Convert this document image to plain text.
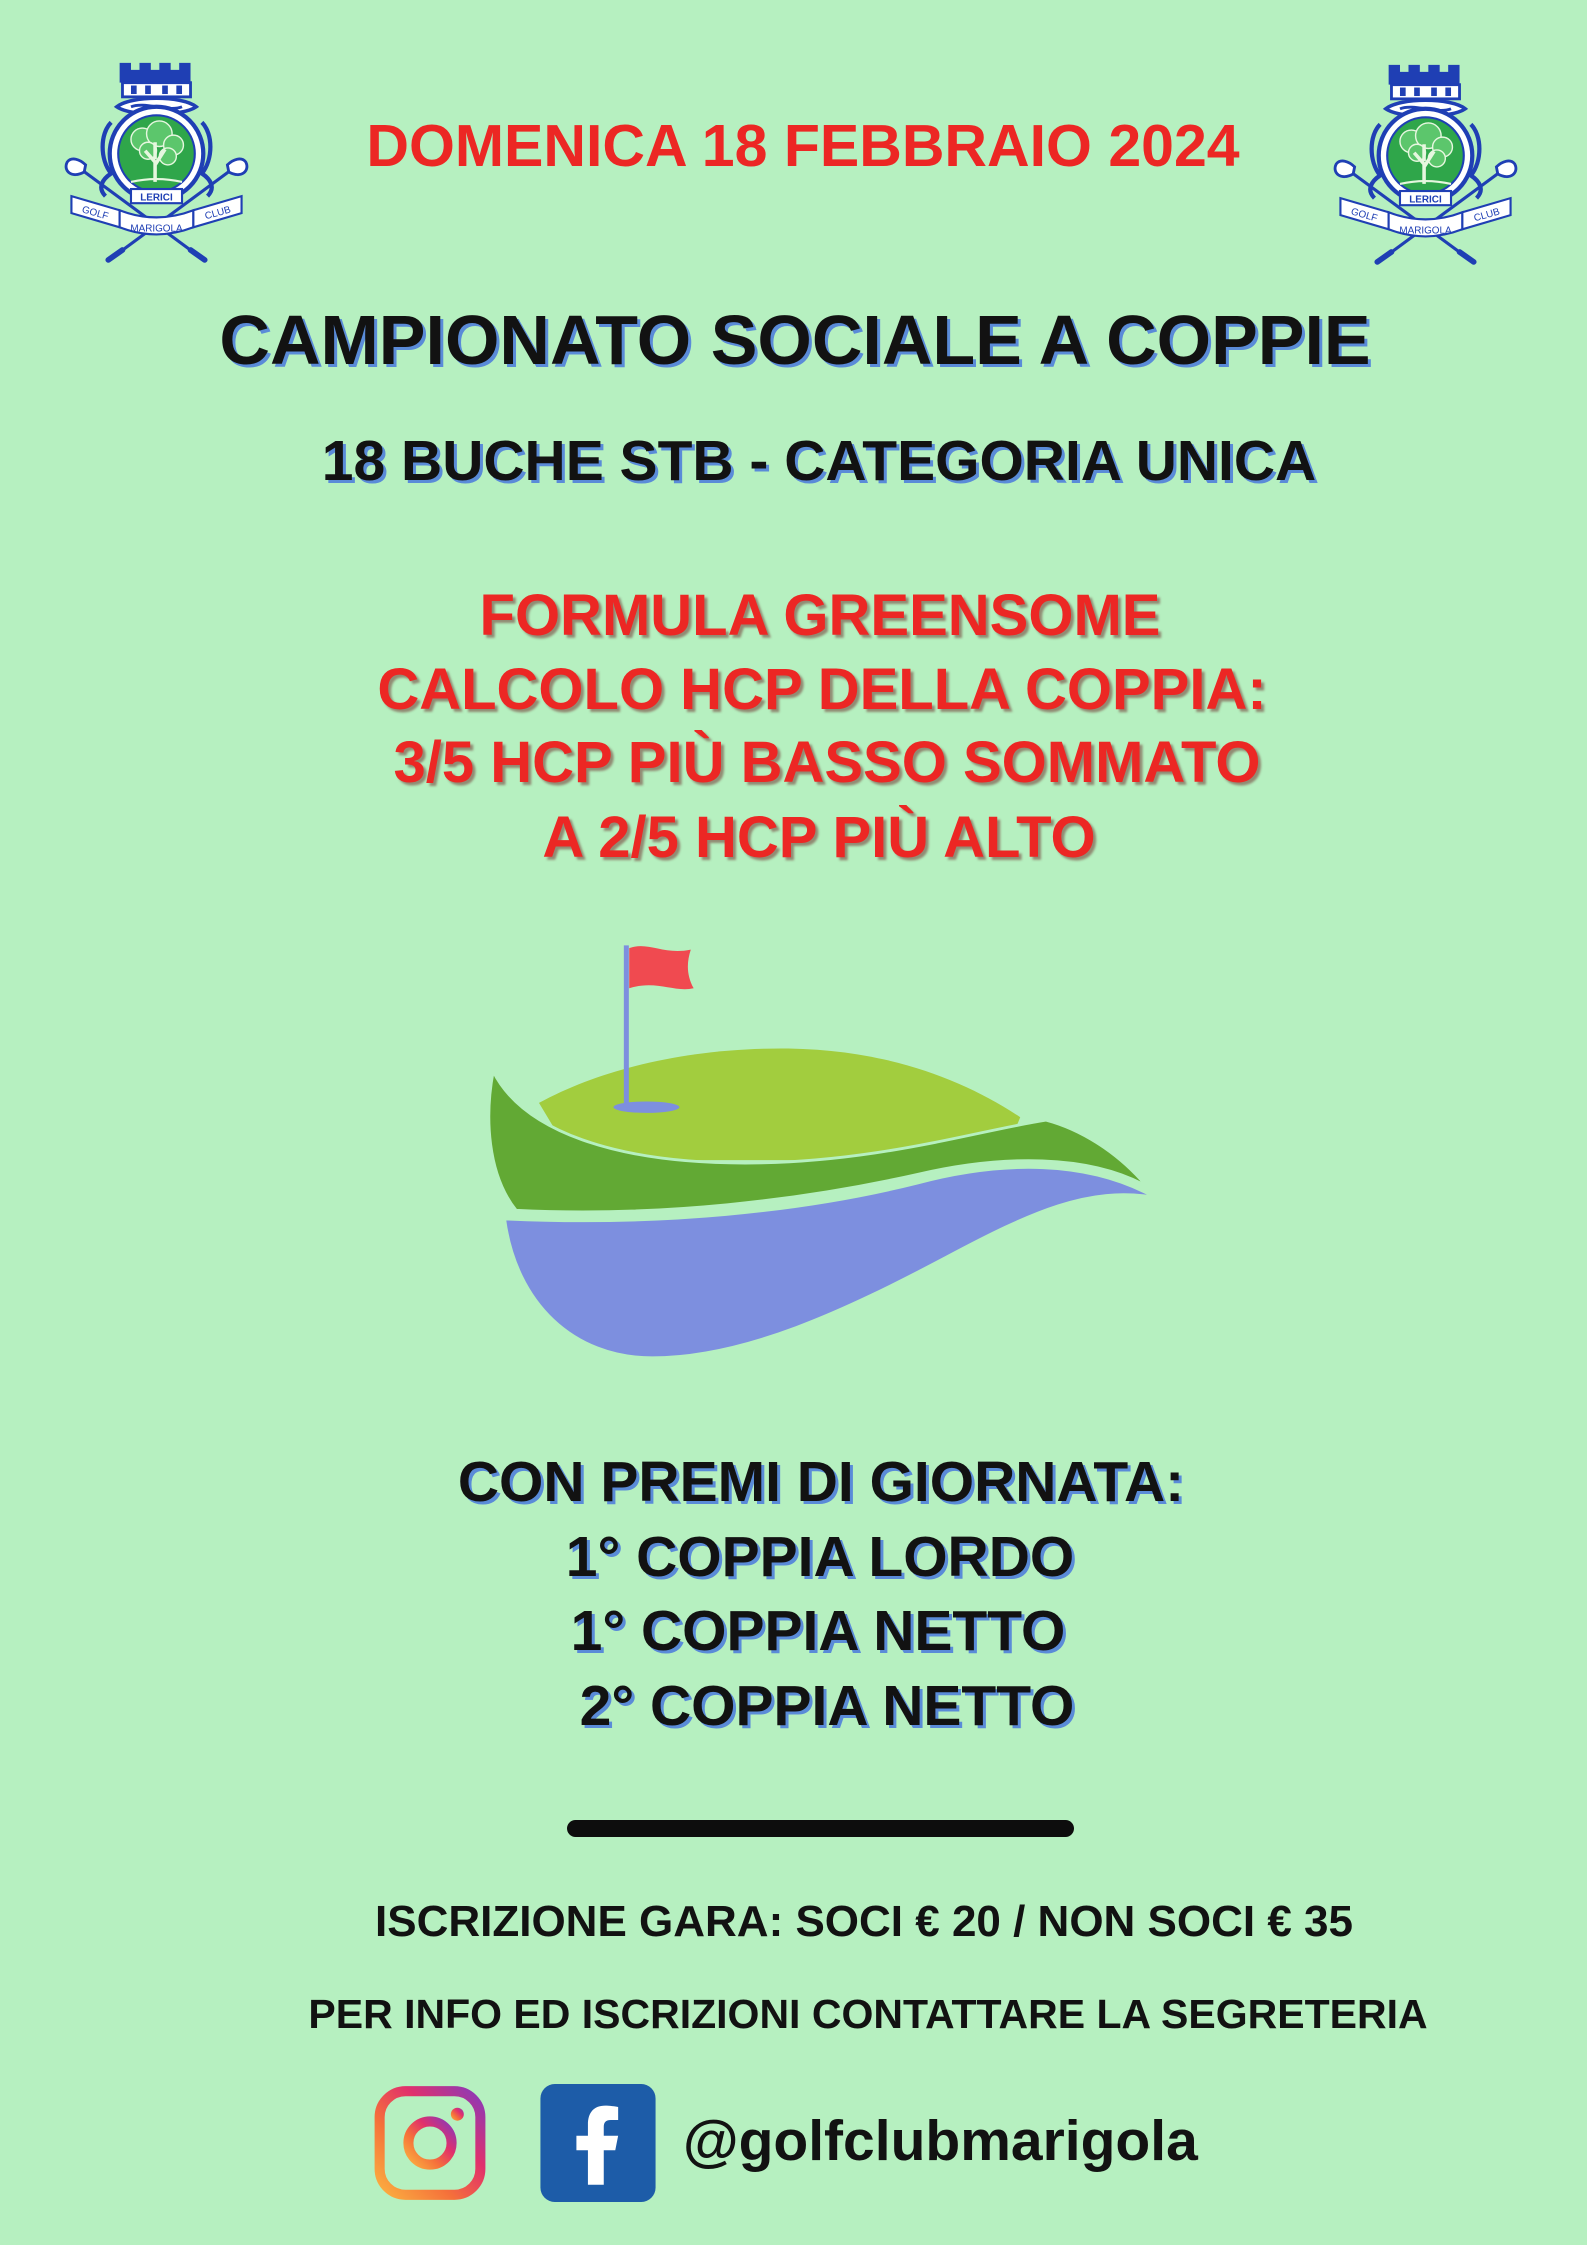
LERICI
GOLF
MARIGOLA
CLUB
LERICI
GOLF
MARIGOLA
CLUB
DOMENICA 18 FEBBRAIO 2024
CAMPIONATO SOCIALE A COPPIE
18 BUCHE STB - CATEGORIA UNICA
FORMULA GREENSOME
CALCOLO HCP DELLA COPPIA:
3/5 HCP PIÙ BASSO SOMMATO
A 2/5 HCP PIÙ ALTO
CON PREMI DI GIORNATA:
1° COPPIA LORDO
1° COPPIA NETTO
2° COPPIA NETTO
ISCRIZIONE GARA: SOCI € 20 / NON SOCI € 35
PER INFO ED ISCRIZIONI CONTATTARE LA SEGRETERIA
@golfclubmarigola
